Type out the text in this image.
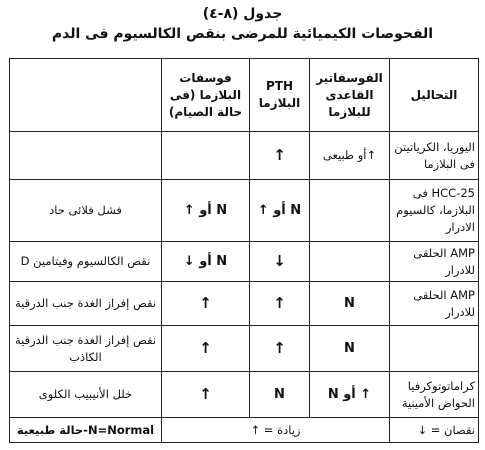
جدول (٨-٤)
الفحوصات الكيميائية للمرضى بنقص الكالسيوم فى الدم
التحاليل	الفوسفاتير القاعدى للبلازما	PTH البلازما	فوسفات البلازما (فى حالة الصيام)	
اليوريا، الكرياتيتن فى البلازما	↑أو طبيعى	↑		
25-HCC فى البلازما، كالسيوم الادرار		N أو ↑	N أو ↑	فشل فلائى حاد
AMP الحلقى للادرار		↓	N أو ↓	نقص الكالسيوم وفيتامين D
AMP الحلقى للادرار	N	↑	↑	نقص إفراز الغدة جنب الدرقية
	N	↑	↑	نقص إفراز الغدة جنب الدرقية الكاذب
كراماتوتوكرفيا الحواض الأمينية	↑ أو N	N	↑	خلل الأنيبيب الكلوى
نقصان = ↓	زيادة = ↑			N=Normal-حالة طبيعية
